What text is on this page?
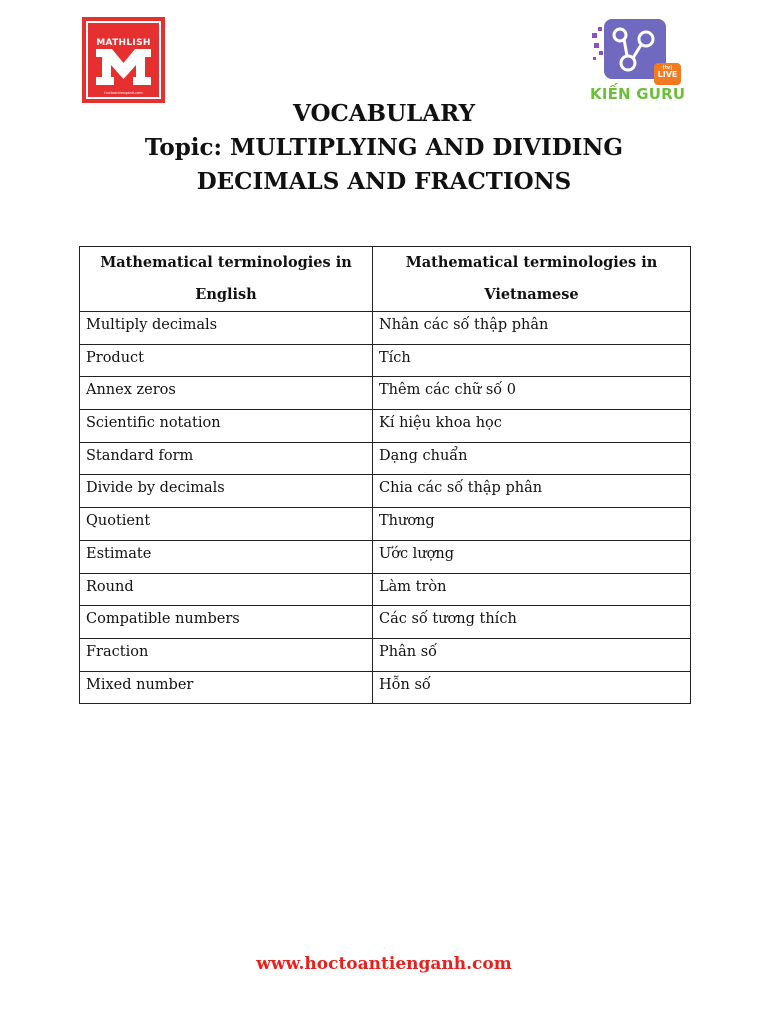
MATHLISH
hoctoantienganh.com
(tv)
LIVE
KIẾN GURU
VOCABULARY
Topic: MULTIPLYING AND DIVIDING
DECIMALS AND FRACTIONS
Mathematical terminologies in English	Mathematical terminologies in Vietnamese
Multiply decimals	Nhân các số thập phân
Product	Tích
Annex zeros	Thêm các chữ số 0
Scientific notation	Kí hiệu khoa học
Standard form	Dạng chuẩn
Divide by decimals	Chia các số thập phân
Quotient	Thương
Estimate	Ước lượng
Round	Làm tròn
Compatible numbers	Các số tương thích
Fraction	Phân số
Mixed number	Hỗn số
www.hoctoantienganh.com
